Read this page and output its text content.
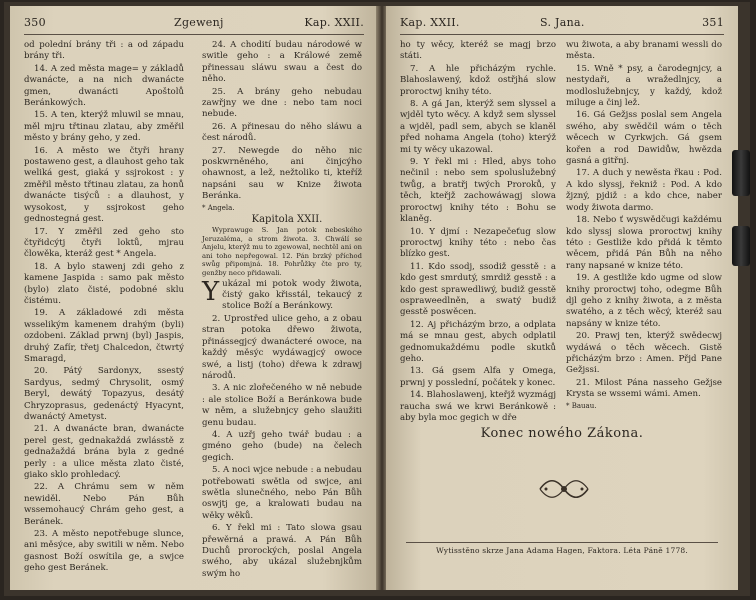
350	Zgewenj	Kap. XXII.

od polední brány tři : a od západu brány tři.

14. A zed města mage= y základů dwanácte, a na nich dwanácte gmen, dwanácti Apoštolů Beránkowých.

15. A ten, kterýž mluwil se mnau, měl mjru třtinau zlatau, aby změřil město y brány geho, y zed.

16. A město we čtyři hrany postaweno gest, a dlauhost geho tak weliká gest, giaká y ssjrokost : y změřil město třtinau zlatau, za honů dwanácte tisýců : a dlauhost, y wysokost, y ssjrokost geho gednostegná gest.

17. Y změřil zed geho sto čtyřidcýtj čtyři loktů, mjrau člowěka, kteráž gest * Angela.

18. A bylo stawenj zdi geho z kamene Jaspida : samo pak město (bylo) zlato čisté, podobné sklu čistému.

19. A základowé zdi města wsselikým kamenem drahým (byli) ozdobeni. Základ prwnj (byl) Jaspis, druhý Zafír, třetj Chalcedon, čtwrtý Smaragd,

20. Pátý Sardonyx, ssestý Sardyus, sedmý Chrysolit, osmý Beryl, dewátý Topazyus, desátý Chryzoprasus, gedenáctý Hyacynt, dwanáctý Ametyst.

21. A dwanácte bran, dwanácte perel gest, gednakaždá zwlásstě z gednažaždá brána byla z gedné perly : a ulice města zlato čisté, giako sklo prohledacý.

22. A Chrámu sem w něm newiděl. Nebo Pán Bůh wssemohaucý Chrám geho gest, a Beránek.

23. A město nepotřebuge slunce, ani měsýce, aby switili w něm. Nebo gasnost Boží oswítila ge, a swjce geho gest Beránek.

24. A chodití budau národowé w switle geho : a Králowé země přinessau sláwu swau a čest do něho.

25. A brány geho nebudau zawřjny we dne : nebo tam noci nebude.

26. A přinesau do něho sláwu a čest národů.

27. Newegde do něho nic poskwrněného, ani činjcýho ohawnost, a lež, nežtoliko ti, kteříž napsáni sau w Knize žiwota Beránka.

* Angela.

Kapitola XXII.

Wyprawuge S. Jan potok nebeského Jeruzaléma, a strom žiwota. 3. Chwálí se Anjelu, kterýž mu to zgewowal, nechtěl ani on ani toho nepřegowal. 12. Pán brzký příchod swůg připomjná. 18. Pohrůžky čte pro ty, genžby neco přidawali.

Yukázal mi potok wody žiwota, čistý gako křisstál, tekaucý z stolice Boží a Beránkowy.

2. Uprostřed ulice geho, a z obau stran potoka dřewo žiwota, přinássegjcý dwanácteré owoce, na každý měsýc wydáwagjcý owoce swé, a listj (toho) dřewa k zdrawj národů.

3. A nic zlořečeného w ně nebude : ale stolice Boží a Beránkowa bude w něm, a služebnjcy geho slaužiti genu budau.

4. A uzřj geho twář budau : a gméno geho (bude) na čelech gegich.

5. A noci wjce nebude : a nebudau potřebowati swětla od swjce, ani swětla slunečného, nebo Pán Bůh oswjtj ge, a kralowati budau na wěky wěků.

6. Y řekl mi : Tato slowa gsau přewěrná a prawá. A Pán Bůh Duchů prorockých, poslal Angela swého, aby ukázal služebnjkům swým ho

Kap. XXII.	S. Jana.	351

ho ty wěcy, kteréž se magj brzo státi.

7. A hle přicházým rychle. Blahoslawený, kdož ostřjhá slow proroctwj knihy této.

8. A gá Jan, kterýž sem slyssel a wjděl tyto wěcy. A když sem slyssel a wjděl, padl sem, abych se klaněl před nohama Angela (toho) kterýž mi ty wěcy ukazowal.

9. Y řekl mi : Hled, abys toho nečinil : nebo sem spoluslužebný twůg, a bratřj twých Proroků, y těch, kteřjž zachowáwagj slowa proroctwj knihy této : Bohu se klaněg.

10. Y djmí : Nezapečeťug slow proroctwj knihy této : nebo čas blízko gest.

11. Kdo ssodj, ssodiž gesstě : a kdo gest smrdutý, smrdiž gesstě : a kdo gest sprawedliwý, budiž gesstě ospraweedlněn, a swatý budiž gesstě poswěcen.

12. Aj přicházým brzo, a odplata má se mnau gest, abych odplatil gednomukaždému podle skutků geho.

13. Gá gsem Alfa y Omega, prwnj y posslední, počátek y konec.

14. Blahoslawenj, kteřjž wyzmágj raucha swá we krwi Beránkowě : aby byla moc gegich w dře

wu žiwota, a aby branami wessli do města.

15. Wně * psy, a čarodegnjcy, a nestydaři, a wražedlnjcy, a modloslužebnjcy, y každý, kdož miluge a činj lež.

16. Gá Gežjss poslal sem Angela swého, aby swědčil wám o těch wěcech w Cyrkwjch. Gá gsem kořen a rod Dawidůw, hwězda gasná a gitřnj.

17. A duch y newěsta řkau : Pod. A kdo slyssj, řekniž : Pod. A kdo žjzný, pjdiž : a kdo chce, naber wody žiwota darmo.

18. Nebo ť wyswědčugi každému kdo slyssj slowa proroctwj knihy této : Gestliže kdo přidá k těmto wěcem, přidá Pán Bůh na něho rany napsané w knize této.

19. A gestliže kdo ugme od slow knihy proroctwj toho, odegme Bůh djl geho z knihy žiwota, a z města swatého, a z těch wěcý, kteréž sau napsány w knize této.

20. Prawj ten, kterýž swědecwj wydáwá o těch wěcech. Gistě přicházým brzo : Amen. Přjd Pane Gežjssi.

21. Milost Pána nasseho Gežjse Krysta se wssemi wámi. Amen.

* Bauau.

Konec nowého Zákona.
Wytisstěno skrze Jana Adama Hagen, Faktora. Léta Páně 1778.
